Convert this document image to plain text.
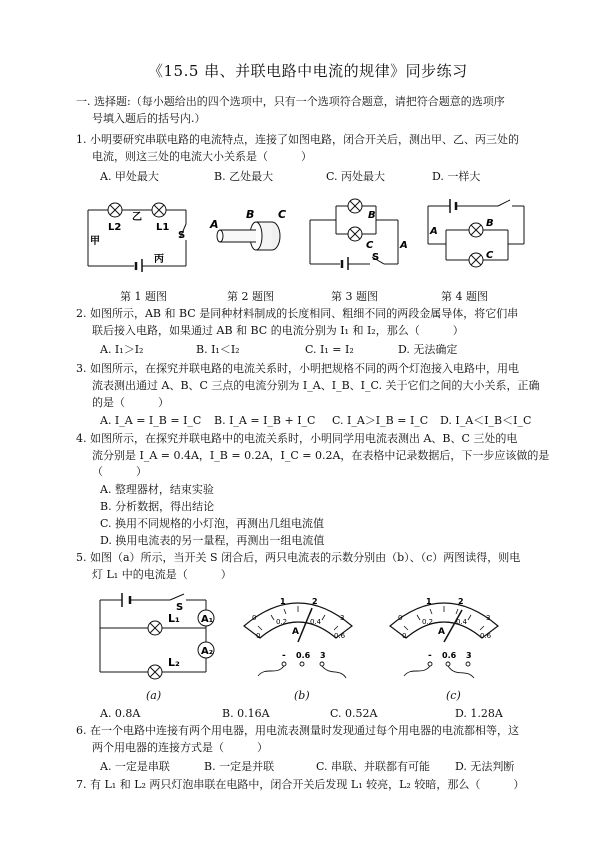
《15.5 串、并联电路中电流的规律》同步练习
一. 选择题:（每小题给出的四个选项中，只有一个选项符合题意，请把符合题意的选项序
号填入题后的括号内.）
1. 小明要研究串联电路的电流特点，连接了如图电路，闭合开关后，测出甲、乙、丙三处的
电流，则这三处的电流大小关系是（　　　）
A. 甲处最大	B. 乙处最大	C. 丙处最大	D. 一样大
L2	L1
乙
S
甲
丙
A
B C	B
C	A
S
A
B
C
第 1 题图	第 2 题图	第 3 题图	第 4 题图
2. 如图所示，AB 和 BC 是同种材料制成的长度相同、粗细不同的两段金属导体，将它们串
联后接入电路，如果通过 AB 和 BC 的电流分别为 I₁ 和 I₂，那么（　　　）
A. I₁＞I₂	B. I₁＜I₂	C. I₁ = I₂	D. 无法确定
3. 如图所示，在探究并联电路的电流关系时，小明把规格不同的两个灯泡接入电路中，用电
流表测出通过 A、B、C 三点的电流分别为 I_A、I_B、I_C. 关于它们之间的大小关系，正确
的是（　　　）
A. I_A = I_B = I_C B. I_A = I_B + I_C C. I_A＞I_B = I_C D. I_A＜I_B＜I_C
4. 如图所示，在探究并联电路中的电流关系时，小明同学用电流表测出 A、B、C 三处的电
流分别是 I_A = 0.4A，I_B = 0.2A，I_C = 0.2A，在表格中记录数据后，下一步应该做的是
（　　　）
A. 整理器材，结束实验
B. 分析数据，得出结论
C. 换用不同规格的小灯泡，再测出几组电流值
D. 换用电流表的另一量程，再测出一组电流值
5. 如图（a）所示，当开关 S 闭合后，两只电流表的示数分别由（b）、（c）两图读得，则电
灯 L₁ 中的电流是（　　　）
S
A₁
A₂
L₁
L₂
(a)
1	2
0.2	0.4
0	3
0	0.6
A
- 0.6 3
(b)
1	2
0.2	0.4
0	3
0	0.6
A
- 0.6 3
(c)
A. 0.8A	B. 0.16A	C. 0.52A	D. 1.28A
6. 在一个电路中连接有两个用电器，用电流表测量时发现通过每个用电器的电流都相等，这
两个用电器的连接方式是（　　　）
A. 一定是串联	B. 一定是并联	C. 串联、并联都有可能 D. 无法判断
7. 有 L₁ 和 L₂ 两只灯泡串联在电路中，闭合开关后发现 L₁ 较亮，L₂ 较暗，那么（　　　）
